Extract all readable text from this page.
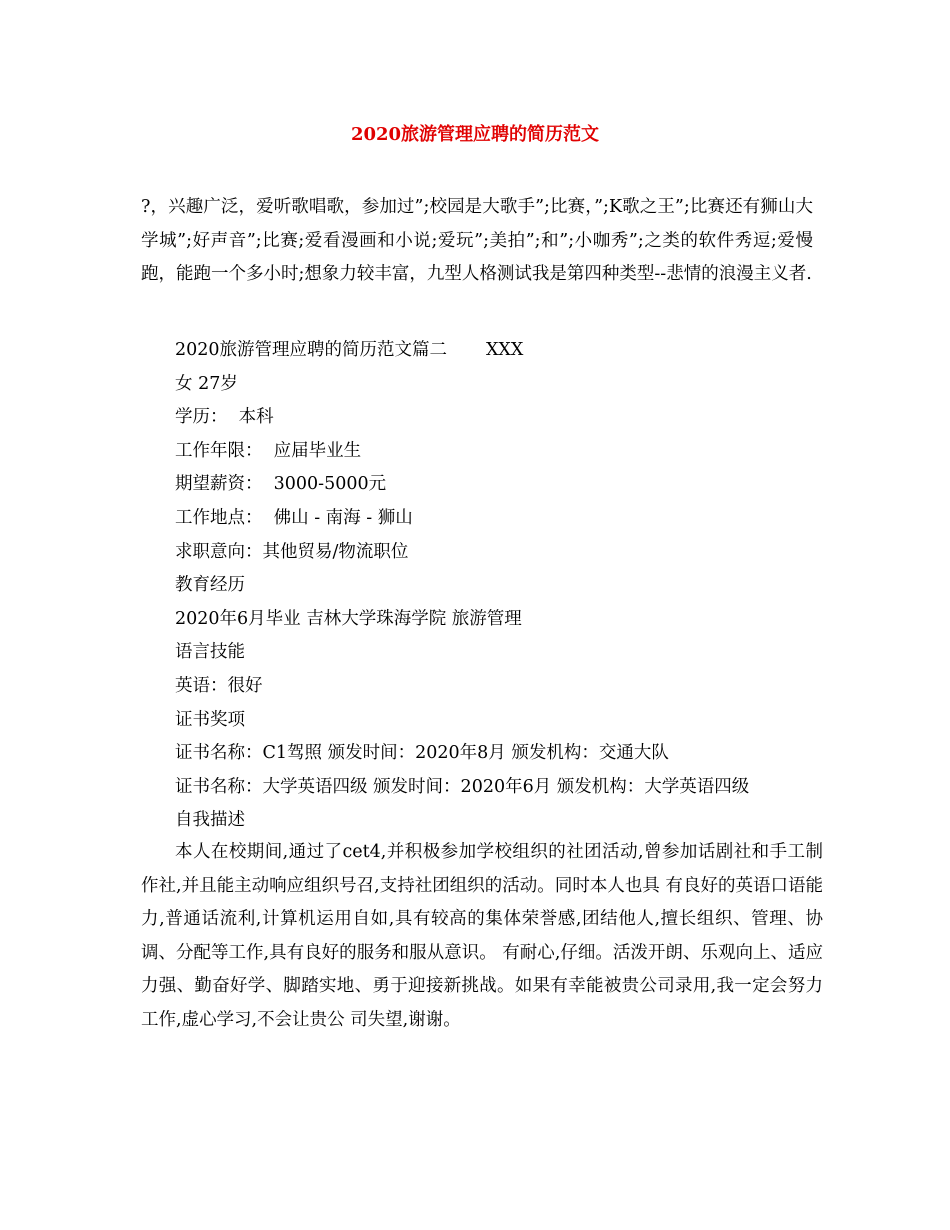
2020旅游管理应聘的简历范文

?，兴趣广泛，爱听歌唱歌，参加过”;校园是大歌手”;比赛，”;K歌之王”;比赛还有狮山大学城”;好声音”;比赛;爱看漫画和小说;爱玩”;美拍”;和”;小咖秀”;之类的软件秀逗;爱慢跑，能跑一个多小时;想象力较丰富，九型人格测试我是第四种类型--悲情的浪漫主义者.

2020旅游管理应聘的简历范文篇二       XXX
女 27岁
学历：  本科
工作年限：  应届毕业生
期望薪资：  3000-5000元
工作地点：  佛山 - 南海 - 狮山
求职意向：其他贸易/物流职位
教育经历
2020年6月毕业 吉林大学珠海学院 旅游管理
语言技能
英语：很好
证书奖项
证书名称：C1驾照 颁发时间：2020年8月 颁发机构：交通大队
证书名称：大学英语四级 颁发时间：2020年6月 颁发机构：大学英语四级
自我描述

本人在校期间,通过了cet4,并积极参加学校组织的社团活动,曾参加话剧社和手工制作社,并且能主动响应组织号召,支持社团组织的活动。同时本人也具 有良好的英语口语能力,普通话流利,计算机运用自如,具有较高的集体荣誉感,团结他人,擅长组织、管理、协调、分配等工作,具有良好的服务和服从意识。 有耐心,仔细。活泼开朗、乐观向上、适应力强、勤奋好学、脚踏实地、勇于迎接新挑战。如果有幸能被贵公司录用,我一定会努力工作,虚心学习,不会让贵公 司失望,谢谢。
